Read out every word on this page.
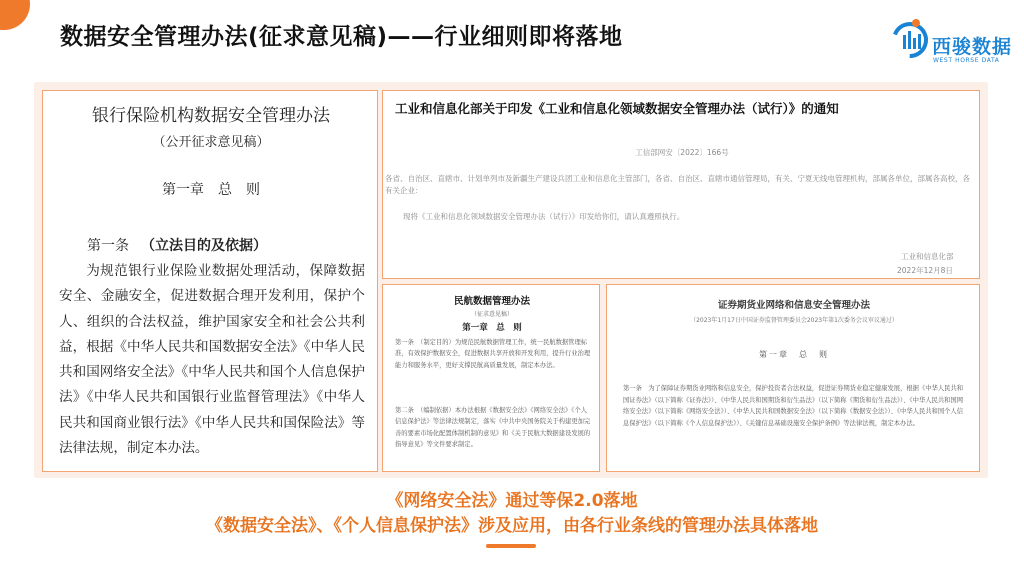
数据安全管理办法(征求意见稿)——行业细则即将落地	西骏数据
WEST HORSE DATA
银行保险机构数据安全管理办法
（公开征求意见稿）
第一章　总　则
第一条 （立法目的及依据）
为规范银行业保险业数据处理活动，保障数据安全、金融安全，促进数据合理开发利用，保护个人、组织的合法权益，维护国家安全和社会公共利益，根据《中华人民共和国数据安全法》《中华人民共和国网络安全法》《中华人民共和国个人信息保护法》《中华人民共和国银行业监督管理法》《中华人民共和国商业银行法》《中华人民共和国保险法》等法律法规，制定本办法。
工业和信息化部关于印发《工业和信息化领域数据安全管理办法（试行）》的通知
工信部网安〔2022〕166号
各省、自治区、直辖市、计划单列市及新疆生产建设兵团工业和信息化主管部门，各省、自治区、直辖市通信管理局，有关、宁夏无线电管理机构，部属各单位，部属各高校，各有关企业：
现将《工业和信息化领域数据安全管理办法（试行）》印发给你们，请认真遵照执行。
工业和信息化部
2022年12月8日
民航数据管理办法
（征求意见稿）
第一章　总　则
第一条　（制定目的）为规范民航数据管理工作，统一民航数据管理标准，有效保护数据安全，促进数据共享开放和开发利用，提升行业治理能力和服务水平，更好支撑民航高质量发展，制定本办法。
第二条　（编制依据）本办法根据《数据安全法》《网络安全法》《个人信息保护法》等法律法规制定，落实《中共中央国务院关于构建更加完善的要素市场化配置体制机制的意见》和《关于民航大数据建设发展的指导意见》等文件要求制定。
证券期货业网络和信息安全管理办法
（2023年1月17日中国证券监督管理委员会2023年第1次委务会议审议通过）
第一章　总　则
第一条　为了保障证券期货业网络和信息安全，保护投资者合法权益，促进证券期货业稳定健康发展，根据《中华人民共和国证券法》（以下简称《证券法》）、《中华人民共和国期货和衍生品法》（以下简称《期货和衍生品法》）、《中华人民共和国网络安全法》（以下简称《网络安全法》）、《中华人民共和国数据安全法》（以下简称《数据安全法》）、《中华人民共和国个人信息保护法》（以下简称《个人信息保护法》）、《关键信息基础设施安全保护条例》等法律法规，制定本办法。
《网络安全法》通过等保2.0落地
《数据安全法》、《个人信息保护法》涉及应用，由各行业条线的管理办法具体落地
